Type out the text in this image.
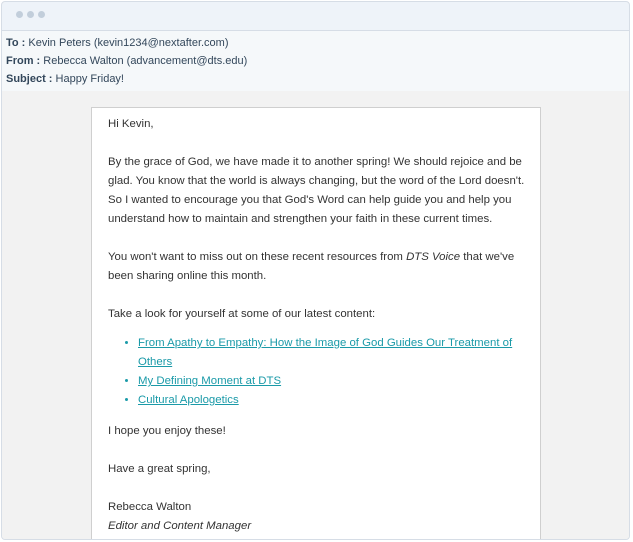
To : Kevin Peters (kevin1234@nextafter.com)
From : Rebecca Walton (advancement@dts.edu)
Subject : Happy Friday!

Hi Kevin,

By the grace of God, we have made it to another spring! We should rejoice and be glad. You know that the world is always changing, but the word of the Lord doesn't. So I wanted to encourage you that God's Word can help guide you and help you understand how to maintain and strengthen your faith in these current times.

You won't want to miss out on these recent resources from DTS Voice that we've been sharing online this month.

Take a look for yourself at some of our latest content:

• From Apathy to Empathy: How the Image of God Guides Our Treatment of Others
• My Defining Moment at DTS
• Cultural Apologetics

I hope you enjoy these!

Have a great spring,

Rebecca Walton

Editor and Content Manager
